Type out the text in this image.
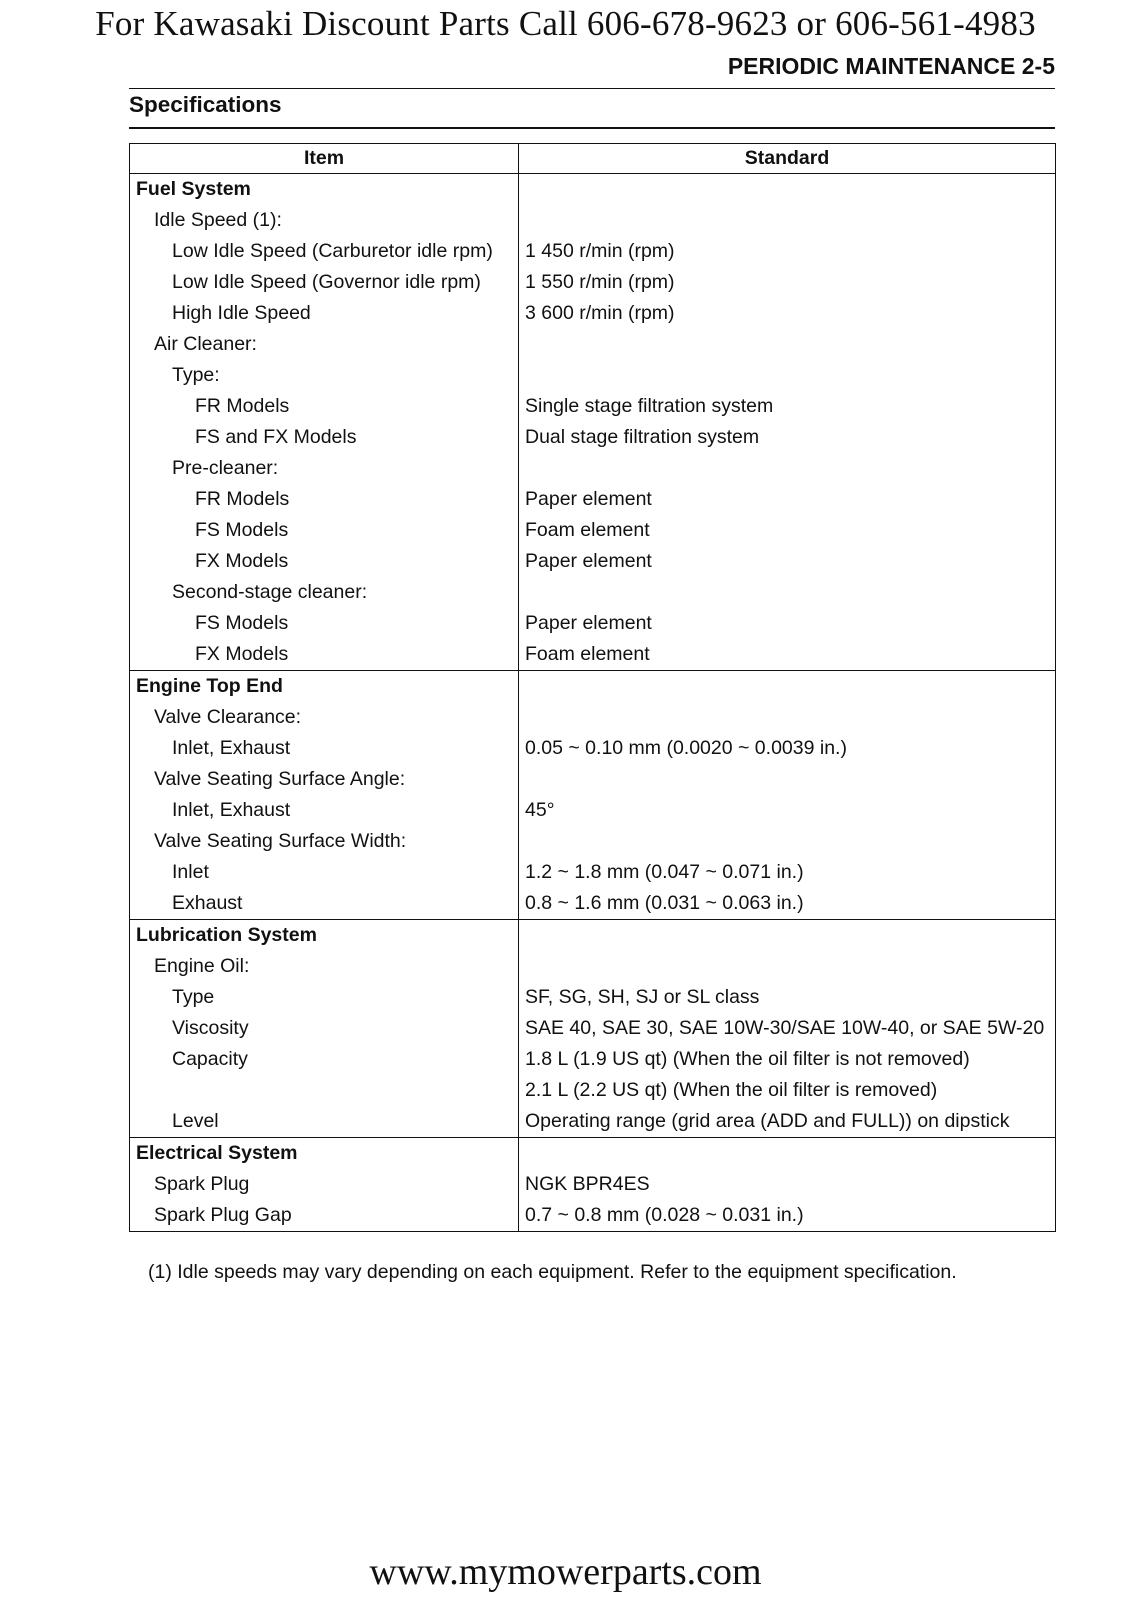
For Kawasaki Discount Parts Call 606-678-9623 or 606-561-4983
PERIODIC MAINTENANCE 2-5
Specifications
Item	Standard
Fuel System	
Idle Speed (1):	
Low Idle Speed (Carburetor idle rpm)	1 450 r/min (rpm)
Low Idle Speed (Governor idle rpm)	1 550 r/min (rpm)
High Idle Speed	3 600 r/min (rpm)
Air Cleaner:	
Type:	
FR Models	Single stage filtration system
FS and FX Models	Dual stage filtration system
Pre-cleaner:	
FR Models	Paper element
FS Models	Foam element
FX Models	Paper element
Second-stage cleaner:	
FS Models	Paper element
FX Models	Foam element
Engine Top End	
Valve Clearance:	
Inlet, Exhaust	0.05 ~ 0.10 mm (0.0020 ~ 0.0039 in.)
Valve Seating Surface Angle:	
Inlet, Exhaust	45°
Valve Seating Surface Width:	
Inlet	1.2 ~ 1.8 mm (0.047 ~ 0.071 in.)
Exhaust	0.8 ~ 1.6 mm (0.031 ~ 0.063 in.)
Lubrication System	
Engine Oil:	
Type	SF, SG, SH, SJ or SL class
Viscosity	SAE 40, SAE 30, SAE 10W-30/SAE 10W-40, or SAE 5W-20
Capacity	1.8 L (1.9 US qt) (When the oil filter is not removed)
	2.1 L (2.2 US qt) (When the oil filter is removed)
Level	Operating range (grid area (ADD and FULL)) on dipstick
Electrical System	
Spark Plug	NGK BPR4ES
Spark Plug Gap	0.7 ~ 0.8 mm (0.028 ~ 0.031 in.)
(1) Idle speeds may vary depending on each equipment. Refer to the equipment specification.
www.mymowerparts.com
